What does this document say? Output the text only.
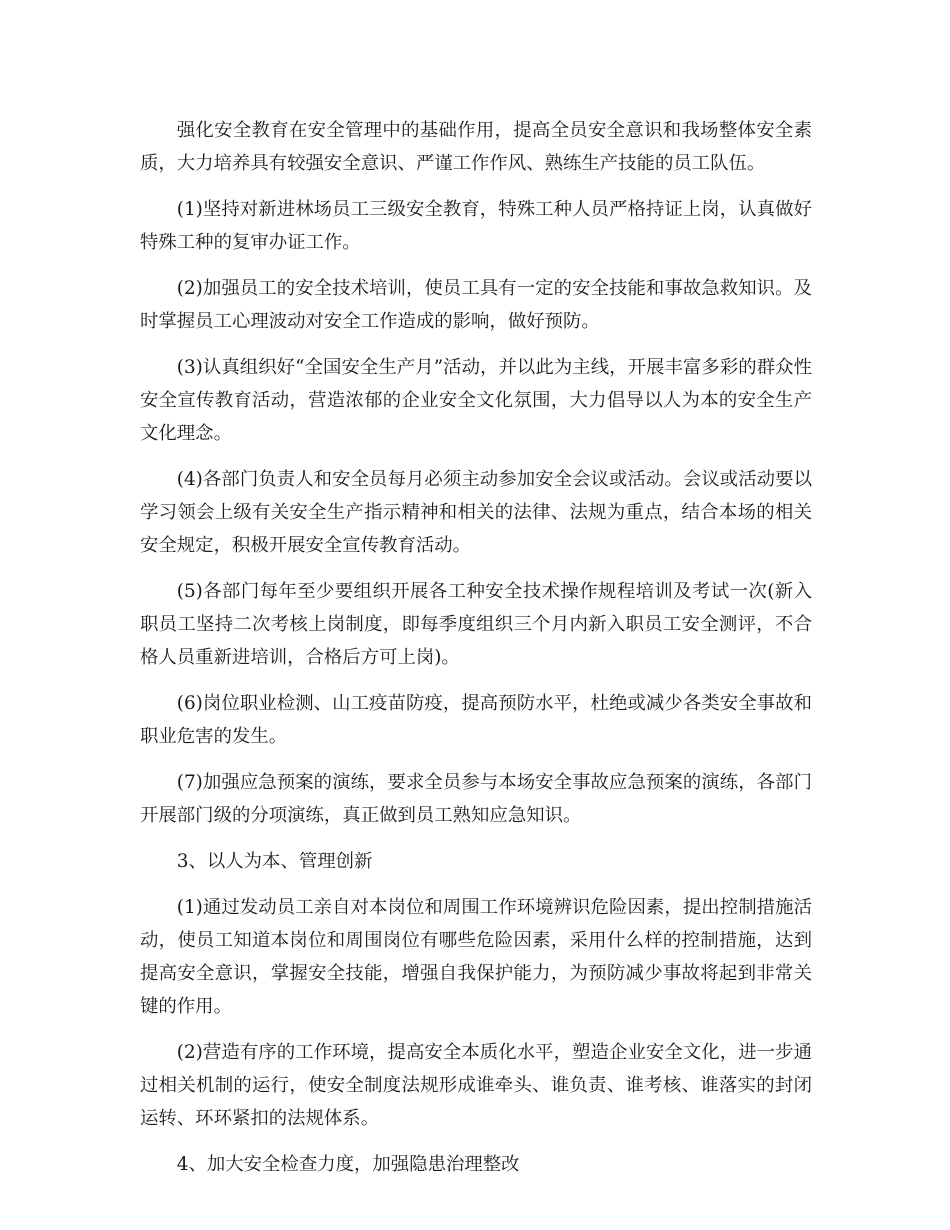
强化安全教育在安全管理中的基础作用，提高全员安全意识和我场整体安全素质，大力培养具有较强安全意识、严谨工作作风、熟练生产技能的员工队伍。

(1)坚持对新进林场员工三级安全教育，特殊工种人员严格持证上岗，认真做好特殊工种的复审办证工作。

(2)加强员工的安全技术培训，使员工具有一定的安全技能和事故急救知识。及时掌握员工心理波动对安全工作造成的影响，做好预防。

(3)认真组织好“全国安全生产月”活动，并以此为主线，开展丰富多彩的群众性安全宣传教育活动，营造浓郁的企业安全文化氛围，大力倡导以人为本的安全生产文化理念。

(4)各部门负责人和安全员每月必须主动参加安全会议或活动。会议或活动要以学习领会上级有关安全生产指示精神和相关的法律、法规为重点，结合本场的相关安全规定，积极开展安全宣传教育活动。

(5)各部门每年至少要组织开展各工种安全技术操作规程培训及考试一次(新入职员工坚持二次考核上岗制度，即每季度组织三个月内新入职员工安全测评，不合格人员重新进培训，合格后方可上岗)。

(6)岗位职业检测、山工疫苗防疫，提高预防水平，杜绝或减少各类安全事故和职业危害的发生。

(7)加强应急预案的演练，要求全员参与本场安全事故应急预案的演练，各部门开展部门级的分项演练，真正做到员工熟知应急知识。

3、以人为本、管理创新

(1)通过发动员工亲自对本岗位和周围工作环境辨识危险因素，提出控制措施活动，使员工知道本岗位和周围岗位有哪些危险因素，采用什么样的控制措施，达到提高安全意识，掌握安全技能，增强自我保护能力，为预防减少事故将起到非常关键的作用。

(2)营造有序的工作环境，提高安全本质化水平，塑造企业安全文化，进一步通过相关机制的运行，使安全制度法规形成谁牵头、谁负责、谁考核、谁落实的封闭运转、环环紧扣的法规体系。

4、加大安全检查力度，加强隐患治理整改
